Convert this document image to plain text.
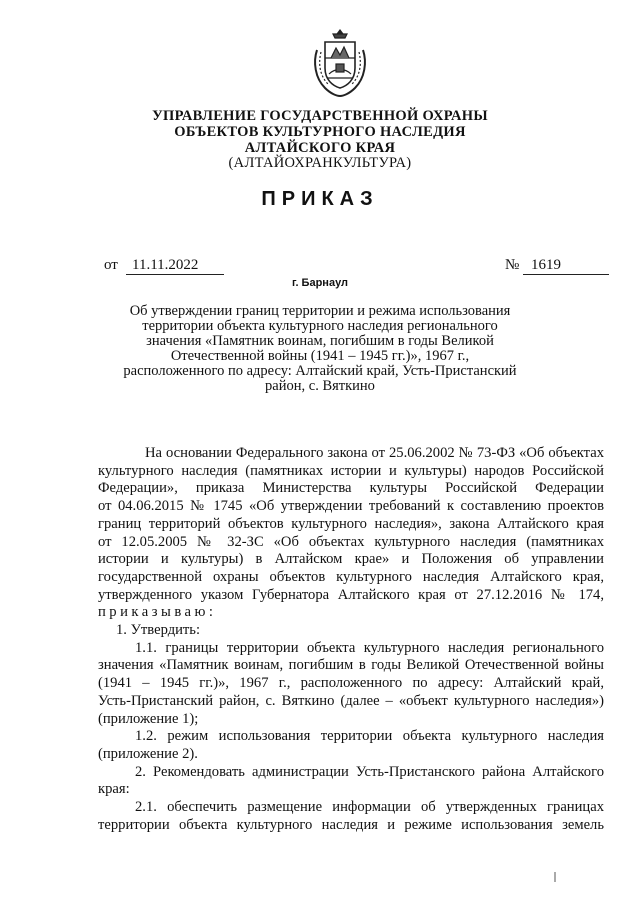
УПРАВЛЕНИЕ ГОСУДАРСТВЕННОЙ ОХРАНЫ
ОБЪЕКТОВ КУЛЬТУРНОГО НАСЛЕДИЯ
АЛТАЙСКОГО КРАЯ
(АЛТАЙОХРАНКУЛЬТУРА)
ПРИКАЗ
от 11.11.2022	№ 1619
г. Барнаул
Об утверждении границ территории и режима использования
территории объекта культурного наследия регионального
значения «Памятник воинам, погибшим в годы Великой
Отечественной войны (1941 – 1945 гг.)», 1967 г.,
расположенного по адресу: Алтайский край, Усть-Пристанский
район, с. Вяткино

На основании Федерального закона от 25.06.2002 № 73-ФЗ «Об объектах

культурного наследия (памятниках истории и культуры) народов Российской

Федерации», приказа Министерства культуры Российской Федерации

от 04.06.2015 № 1745 «Об утверждении требований к составлению проектов

границ территорий объектов культурного наследия», закона Алтайского края

от 12.05.2005 № 32-ЗС «Об объектах культурного наследия (памятниках

истории и культуры) в Алтайском крае» и Положения об управлении

государственной охраны объектов культурного наследия Алтайского края,

утвержденного указом Губернатора Алтайского края от 27.12.2016 № 174,

приказываю:

1. Утвердить:

1.1. границы территории объекта культурного наследия регионального

значения «Памятник воинам, погибшим в годы Великой Отечественной войны

(1941 – 1945 гг.)», 1967 г., расположенного по адресу: Алтайский край,

Усть-Пристанский район, с. Вяткино (далее – «объект культурного наследия»)

(приложение 1);

1.2. режим использования территории объекта культурного наследия

(приложение 2).

2. Рекомендовать администрации Усть-Пристанского района Алтайского

края:

2.1. обеспечить размещение информации об утвержденных границах

территории объекта культурного наследия и режиме использования земель
